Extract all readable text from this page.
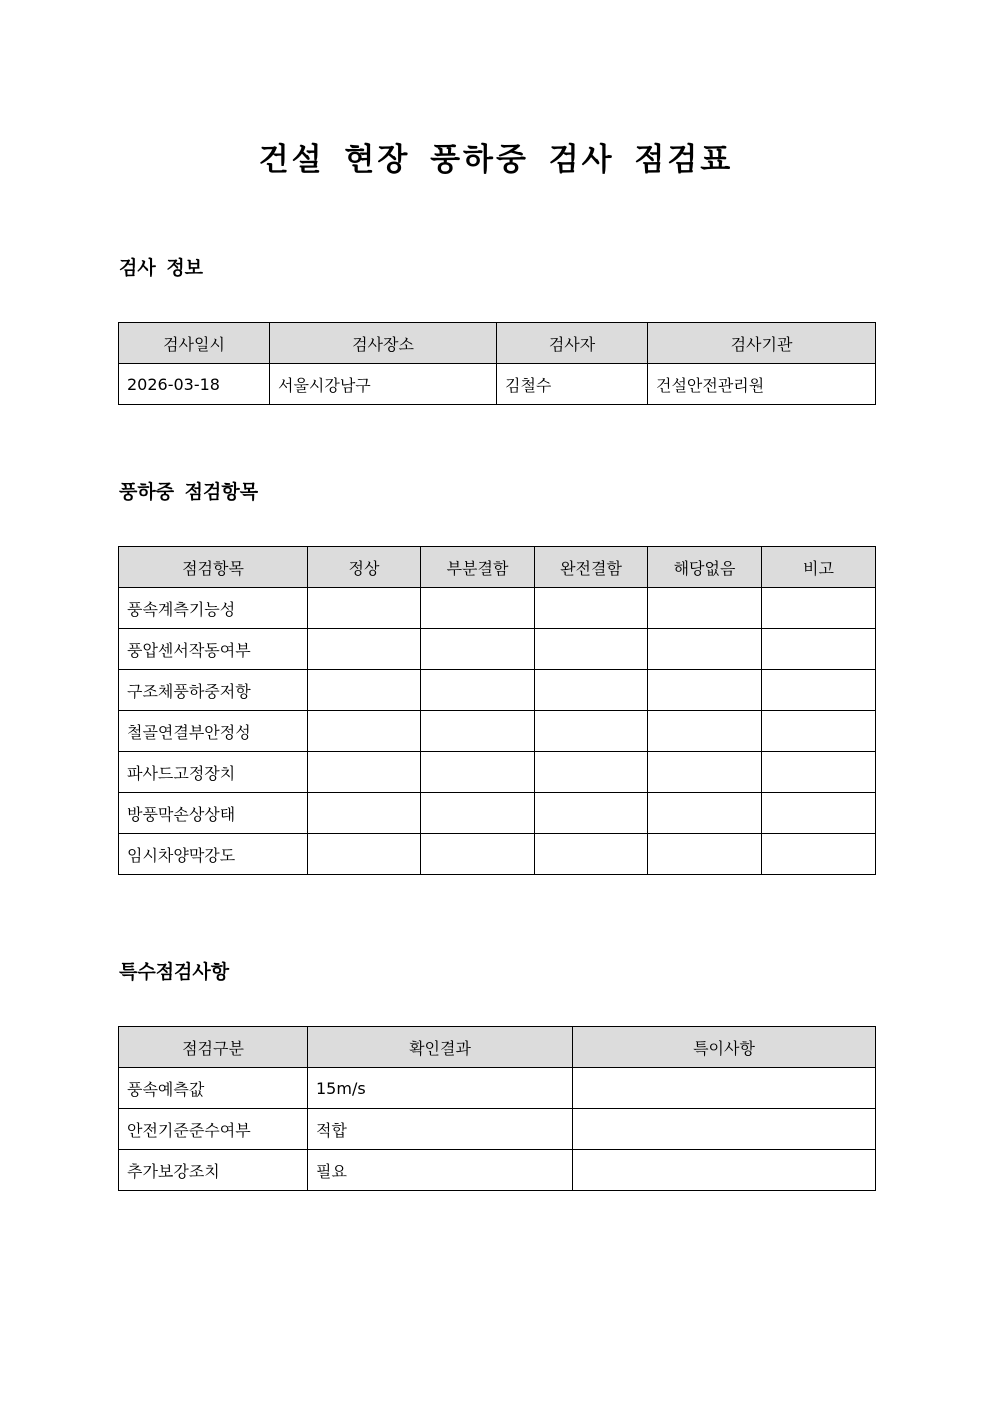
건설 현장 풍하중 검사 점검표
검사 정보
검사일시	검사장소	검사자	검사기관
2026-03-18	서울시강남구	김철수	건설안전관리원
풍하중 점검항목
점검항목	정상	부분결함	완전결함	해당없음	비고
풍속계측기능성					
풍압센서작동여부					
구조체풍하중저항					
철골연결부안정성					
파사드고정장치					
방풍막손상상태					
임시차양막강도					
특수점검사항
점검구분	확인결과	특이사항
풍속예측값	15m/s	
안전기준준수여부	적합	
추가보강조치	필요	
